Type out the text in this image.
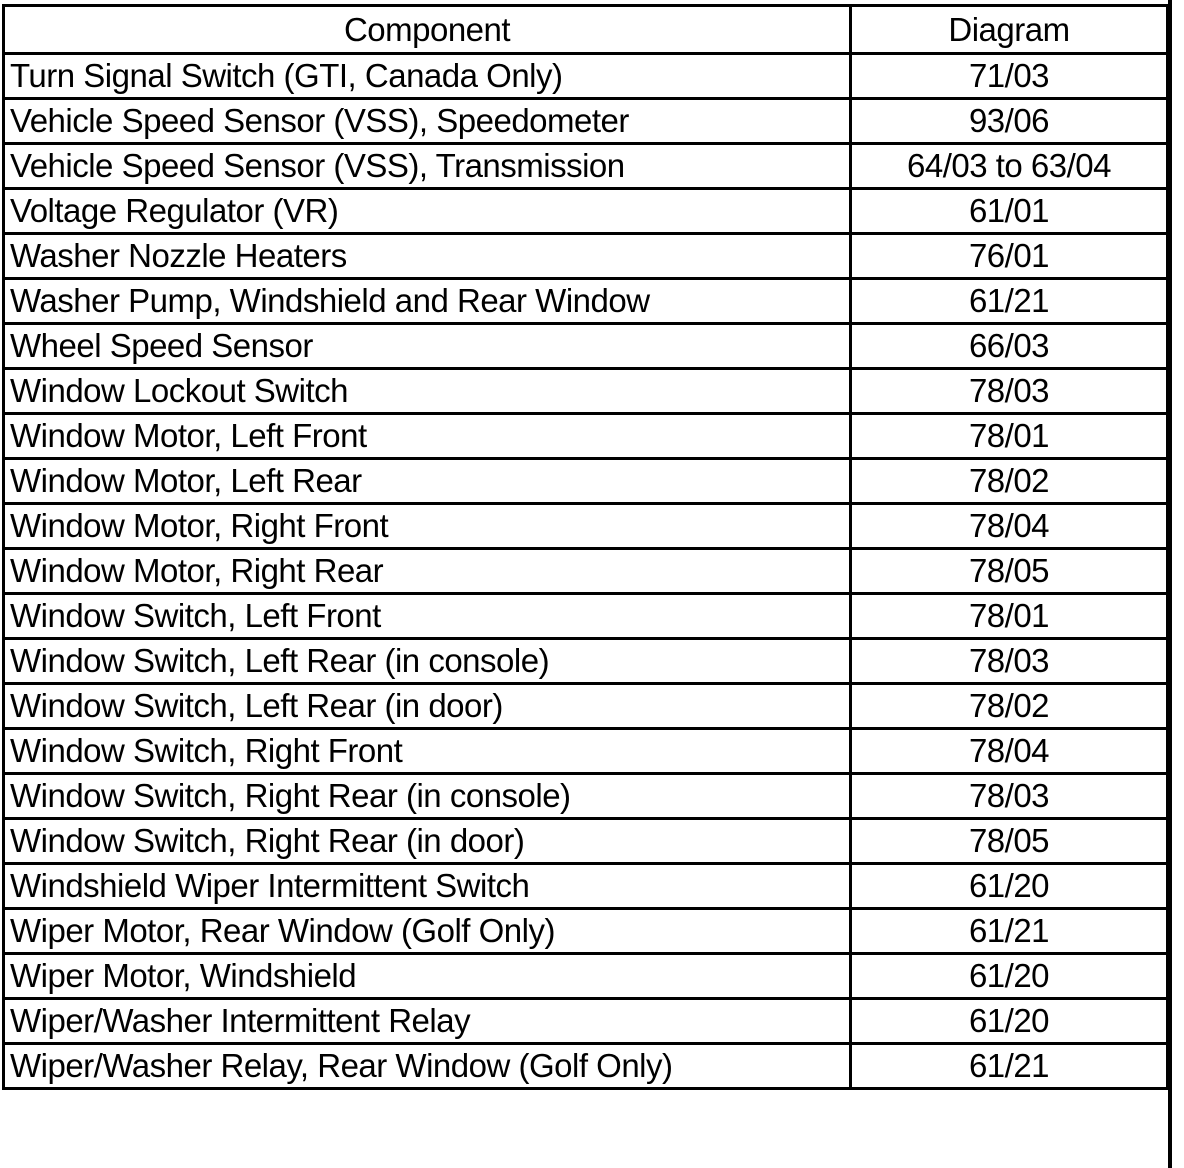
Component	Diagram
Turn Signal Switch (GTI, Canada Only)	71/03
Vehicle Speed Sensor (VSS), Speedometer	93/06
Vehicle Speed Sensor (VSS), Transmission	64/03 to 63/04
Voltage Regulator (VR)	61/01
Washer Nozzle Heaters	76/01
Washer Pump, Windshield and Rear Window	61/21
Wheel Speed Sensor	66/03
Window Lockout Switch	78/03
Window Motor, Left Front	78/01
Window Motor, Left Rear	78/02
Window Motor, Right Front	78/04
Window Motor, Right Rear	78/05
Window Switch, Left Front	78/01
Window Switch, Left Rear (in console)	78/03
Window Switch, Left Rear (in door)	78/02
Window Switch, Right Front	78/04
Window Switch, Right Rear (in console)	78/03
Window Switch, Right Rear (in door)	78/05
Windshield Wiper Intermittent Switch	61/20
Wiper Motor, Rear Window (Golf Only)	61/21
Wiper Motor, Windshield	61/20
Wiper/Washer Intermittent Relay	61/20
Wiper/Washer Relay, Rear Window (Golf Only)	61/21
